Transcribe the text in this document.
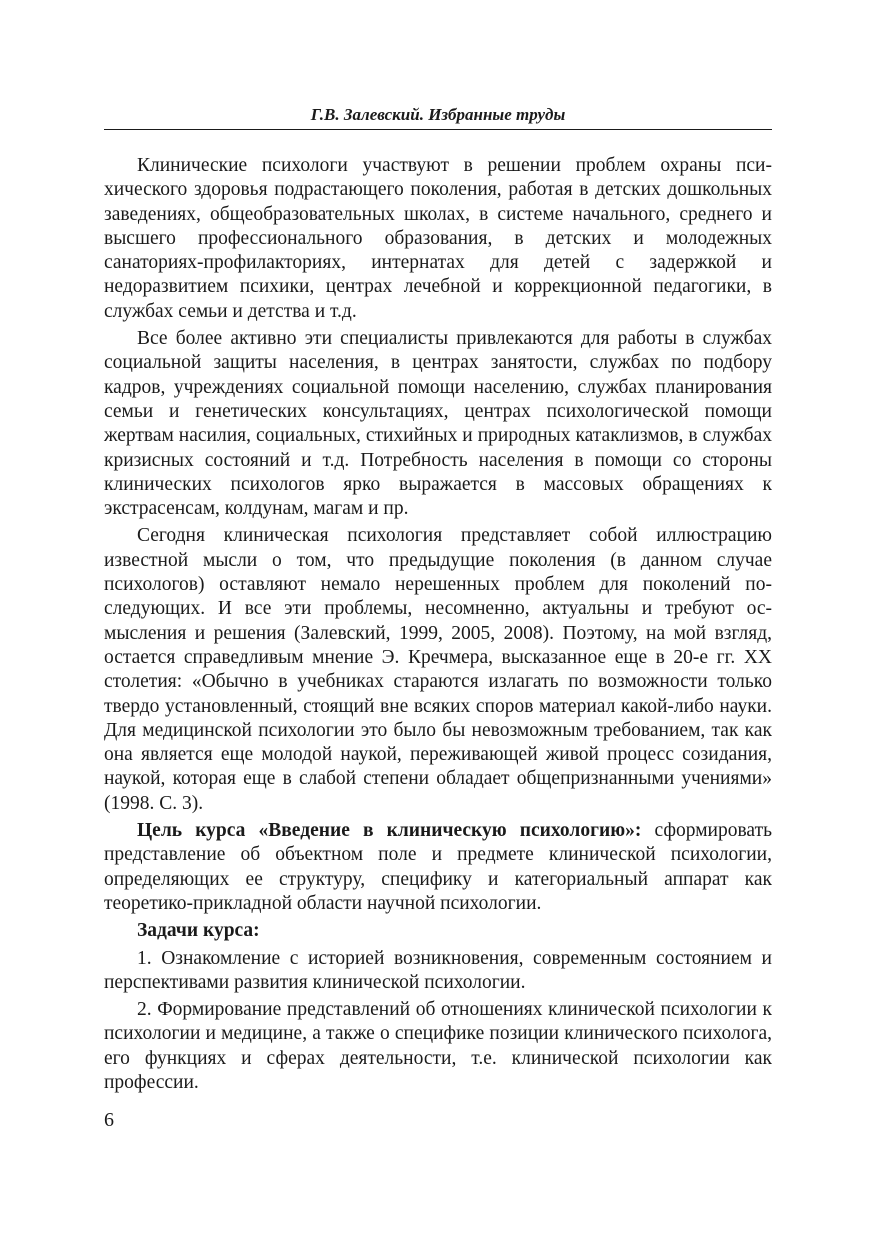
Г.В. Залевский. Избранные труды

Клинические психологи участвуют в решении проблем охраны психического здоровья подрастающего поколения, работая в детских дошкольных заведениях, общеобразовательных школах, в системе начального, среднего и высшего профессионального образования, в детских и молодежных санаториях-профилакториях, интернатах для детей с задержкой и недоразвитием психики, центрах лечебной и коррекционной педагогики, в службах семьи и детства и т.д.

Все более активно эти специалисты привлекаются для работы в службах социальной защиты населения, в центрах занятости, службах по подбору кадров, учреждениях социальной помощи населению, службах планирования семьи и генетических консультациях, центрах психологической помощи жертвам насилия, социальных, стихийных и природных катаклизмов, в службах кризисных состояний и т.д. Потребность населения в помощи со стороны клинических психологов ярко выражается в массовых обращениях к экстрасенсам, колдунам, магам и пр.

Сегодня клиническая психология представляет собой иллюстрацию известной мысли о том, что предыдущие поколения (в данном случае психологов) оставляют немало нерешенных проблем для поколений последующих. И все эти проблемы, несомненно, актуальны и требуют осмысления и решения (Залевский, 1999, 2005, 2008). Поэтому, на мой взгляд, остается справедливым мнение Э. Кречмера, высказанное еще в 20-е гг. XX столетия: «Обычно в учебниках стараются излагать по возможности только твердо установленный, стоящий вне всяких споров материал какой-либо науки. Для медицинской психологии это было бы невозможным требованием, так как она является еще молодой наукой, переживающей живой процесс созидания, наукой, которая еще в слабой степени обладает общепризнанными учениями» (1998. С. 3).

Цель курса «Введение в клиническую психологию»: сформировать представление об объектном поле и предмете клинической психологии, определяющих ее структуру, специфику и категориальный аппарат как теоретико-прикладной области научной психологии.

Задачи курса:

1. Ознакомление с историей возникновения, современным состоянием и перспективами развития клинической психологии.

2. Формирование представлений об отношениях клинической психологии к психологии и медицине, а также о специфике позиции клинического психолога, его функциях и сферах деятельности, т.е. клинической психологии как профессии.

6
